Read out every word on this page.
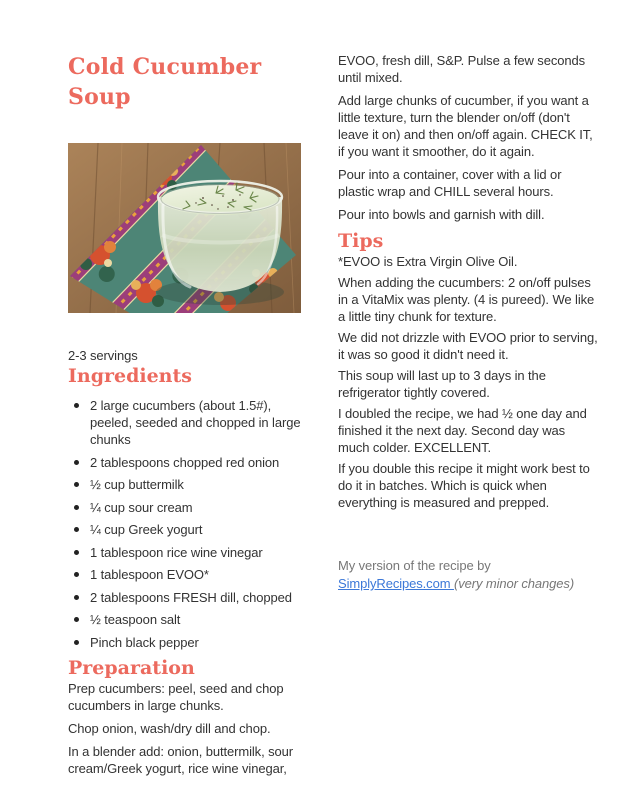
Cold Cucumber Soup

2-3 servings

Ingredients
2 large cucumbers (about 1.5#), peeled, seeded and chopped in large chunks
2 tablespoons chopped red onion
½ cup buttermilk
¼ cup sour cream
¼ cup Greek yogurt
1 tablespoon rice wine vinegar
1 tablespoon EVOO*
2 tablespoons FRESH dill, chopped
½ teaspoon salt
Pinch black pepper
Preparation

Prep cucumbers: peel, seed and chop cucumbers in large chunks.

Chop onion, wash/dry dill and chop.

In a blender add: onion, buttermilk, sour cream/Greek yogurt, rice wine vinegar,

EVOO, fresh dill, S&P. Pulse a few seconds until mixed.

Add large chunks of cucumber, if you want a little texture, turn the blender on/off (don't leave it on) and then on/off again. CHECK IT, if you want it smoother, do it again.

Pour into a container, cover with a lid or plastic wrap and CHILL several hours.

Pour into bowls and garnish with dill.

Tips

*EVOO is Extra Virgin Olive Oil.

When adding the cucumbers: 2 on/off pulses in a VitaMix was plenty. (4 is pureed). We like a little tiny chunk for texture.

We did not drizzle with EVOO prior to serving, it was so good it didn't need it.

This soup will last up to 3 days in the refrigerator tightly covered.

I doubled the recipe, we had ½ one day and finished it the next day. Second day was much colder. EXCELLENT.

If you double this recipe it might work best to do it in batches. Which is quick when everything is measured and prepped.

My version of the recipe by
SimplyRecipes.com (very minor changes)
